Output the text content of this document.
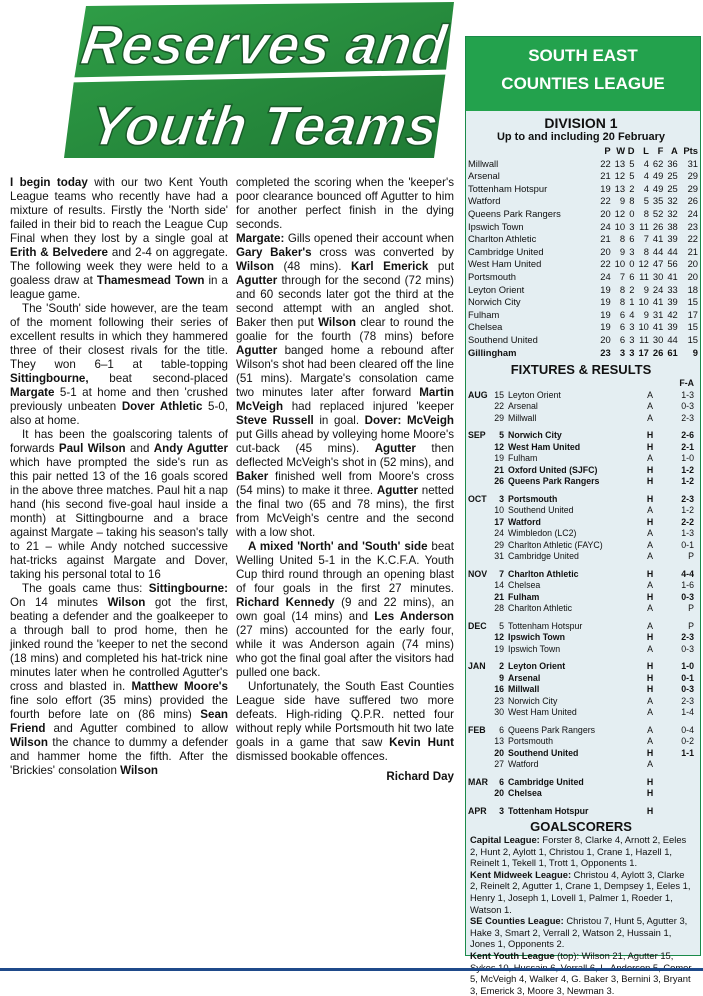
Reserves and
Youth Teams

I begin today with our two Kent Youth League teams who recently have had a mixture of results. Firstly the 'North side' failed in their bid to reach the League Cup Final when they lost by a single goal at Erith & Belvedere and 2-4 on aggregate. The following week they were held to a goaless draw at Thamesmead Town in a league game.

The 'South' side however, are the team of the moment following their series of excellent results in which they hammered three of their closest rivals for the title. They won 6–1 at table-topping Sittingbourne, beat second-placed Margate 5-1 at home and then 'crushed previously unbeaten Dover Athletic 5-0, also at home.

It has been the goalscoring talents of forwards Paul Wilson and Andy Agutter which have prompted the side's run as this pair netted 13 of the 16 goals scored in the above three matches. Paul hit a nap hand (his second five-goal haul inside a month) at Sittingbourne and a brace against Margate – taking his season's tally to 21 – while Andy notched successive hat-tricks against Margate and Dover, taking his personal total to 16

The goals came thus: Sittingbourne: On 14 minutes Wilson got the first, beating a defender and the goalkeeper to a through ball to prod home, then he jinked round the 'keeper to net the second (18 mins) and completed his hat-trick nine minutes later when he controlled Agutter's cross and blasted in. Matthew Moore's fine solo effort (35 mins) provided the fourth before late on (86 mins) Sean Friend and Agutter combined to allow Wilson the chance to dummy a defender and hammer home the fifth. After the 'Brickies' consolation Wilson

completed the scoring when the 'keeper's poor clearance bounced off Agutter to him for another perfect finish in the dying seconds.

Margate: Gills opened their account when Gary Baker's cross was converted by Wilson (48 mins). Karl Emerick put Agutter through for the second (72 mins) and 60 seconds later got the third at the second attempt with an angled shot. Baker then put Wilson clear to round the goalie for the fourth (78 mins) before Agutter banged home a rebound after Wilson's shot had been cleared off the line (51 mins). Margate's consolation came two minutes later after forward Martin McVeigh had replaced injured 'keeper Steve Russell in goal. Dover: McVeigh put Gills ahead by volleying home Moore's cut-back (45 mins). Agutter then deflected McVeigh's shot in (52 mins), and Baker finished well from Moore's cross (54 mins) to make it three. Agutter netted the final two (65 and 78 mins), the first from McVeigh's centre and the second with a low shot.

A mixed 'North' and 'South' side beat Welling United 5-1 in the K.C.F.A. Youth Cup third round through an opening blast of four goals in the first 27 minutes. Richard Kennedy (9 and 22 mins), an own goal (14 mins) and Les Anderson (27 mins) accounted for the early four, while it was Anderson again (74 mins) who got the final goal after the visitors had pulled one back.

Unfortunately, the South East Counties League side have suffered two more defeats. High-riding Q.P.R. netted four without reply while Portsmouth hit two late goals in a game that saw Kevin Hunt dismissed bookable offences.

Richard Day
SOUTH EAST
COUNTIES LEAGUE
DIVISION 1
Up to and including 20 February
	P	W	D	L	F	A	Pts
Millwall	22	13	5	4	62	36	31
Arsenal	21	12	5	4	49	25	29
Tottenham Hotspur	19	13	2	4	49	25	29
Watford	22	9	8	5	35	32	26
Queens Park Rangers	20	12	0	8	52	32	24
Ipswich Town	24	10	3	11	26	38	23
Charlton Athletic	21	8	6	7	41	39	22
Cambridge United	20	9	3	8	44	44	21
West Ham United	22	10	0	12	47	56	20
Portsmouth	24	7	6	11	30	41	20
Leyton Orient	19	8	2	9	24	33	18
Norwich City	19	8	1	10	41	39	15
Fulham	19	6	4	9	31	42	17
Chelsea	19	6	3	10	41	39	15
Southend United	20	6	3	11	30	44	15
Gillingham	23	3	3	17	26	61	9
FIXTURES & RESULTS
				F-A
AUG	15	Leyton Orient	A	1-3
	22	Arsenal	A	0-3
	29	Millwall	A	2-3

SEP	5	Norwich City	H	2-6
	12	West Ham United	H	2-1
	19	Fulham	A	1-0
	21	Oxford United (SJFC)	H	1-2
	26	Queens Park Rangers	H	1-2

OCT	3	Portsmouth	H	2-3
	10	Southend United	A	1-2
	17	Watford	H	2-2
	24	Wimbledon (LC2)	A	1-3
	29	Charlton Athletic (FAYC)	A	0-1
	31	Cambridge United	A	P

NOV	7	Charlton Athletic	H	4-4
	14	Chelsea	A	1-6
	21	Fulham	H	0-3
	28	Charlton Athletic	A	P

DEC	5	Tottenham Hotspur	A	P
	12	Ipswich Town	H	2-3
	19	Ipswich Town	A	0-3

JAN	2	Leyton Orient	H	1-0
	9	Arsenal	H	0-1
	16	Millwall	H	0-3
	23	Norwich City	A	2-3
	30	West Ham United	A	1-4

FEB	6	Queens Park Rangers	A	0-4
	13	Portsmouth	A	0-2
	20	Southend United	H	1-1
	27	Watford	A	

MAR	6	Cambridge United	H	
	20	Chelsea	H	

APR	3	Tottenham Hotspur	H	
GOALSCORERS
Capital League: Forster 8, Clarke 4, Arnott 2, Eeles 2, Hunt 2, Aylott 1, Christou 1, Crane 1, Hazell 1, Reinelt 1, Tekell 1, Trott 1, Opponents 1.
Kent Midweek League: Christou 4, Aylott 3, Clarke 2, Reinelt 2, Agutter 1, Crane 1, Dempsey 1, Eeles 1, Henry 1, Joseph 1, Lovell 1, Palmer 1, Roeder 1, Watson 1.
SE Counties League: Christou 7, Hunt 5, Agutter 3, Hake 3, Smart 2, Verrall 2, Watson 2, Hussain 1, Jones 1, Opponents 2.
Kent Youth League (top): Wilson 21, Agutter 15, 5, McVeigh 4, Walker 4, G. Baker 3, Bernini 3, Bryant 3, Emerick 3, Moore 3, Newman 3.
